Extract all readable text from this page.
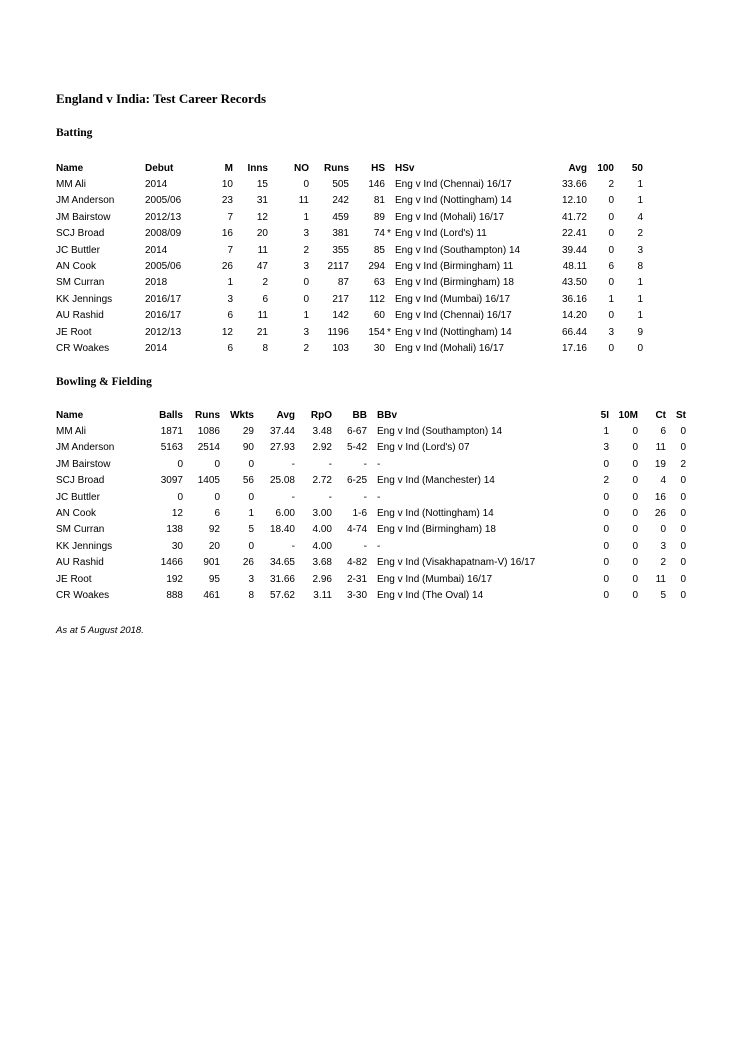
England v India: Test Career Records
Batting
Name	Debut	M	Inns	NO	Runs	HS		HSv	Avg	100	50
MM Ali	2014	10	15	0	505	146		Eng v Ind (Chennai) 16/17	33.66	2	1
JM Anderson	2005/06	23	31	11	242	81		Eng v Ind (Nottingham) 14	12.10	0	1
JM Bairstow	2012/13	7	12	1	459	89		Eng v Ind (Mohali) 16/17	41.72	0	4
SCJ Broad	2008/09	16	20	3	381	74	*	Eng v Ind (Lord's) 11	22.41	0	2
JC Buttler	2014	7	11	2	355	85		Eng v Ind (Southampton) 14	39.44	0	3
AN Cook	2005/06	26	47	3	2117	294		Eng v Ind (Birmingham) 11	48.11	6	8
SM Curran	2018	1	2	0	87	63		Eng v Ind (Birmingham) 18	43.50	0	1
KK Jennings	2016/17	3	6	0	217	112		Eng v Ind (Mumbai) 16/17	36.16	1	1
AU Rashid	2016/17	6	11	1	142	60		Eng v Ind (Chennai) 16/17	14.20	0	1
JE Root	2012/13	12	21	3	1196	154	*	Eng v Ind (Nottingham) 14	66.44	3	9
CR Woakes	2014	6	8	2	103	30		Eng v Ind (Mohali) 16/17	17.16	0	0
Bowling & Fielding
Name	Balls	Runs	Wkts	Avg	RpO	BB	BBv	5I	10M	Ct	St
MM Ali	1871	1086	29	37.44	3.48	6-67	Eng v Ind (Southampton) 14	1	0	6	0
JM Anderson	5163	2514	90	27.93	2.92	5-42	Eng v Ind (Lord's) 07	3	0	11	0
JM Bairstow	0	0	0	-	-	-	-	0	0	19	2
SCJ Broad	3097	1405	56	25.08	2.72	6-25	Eng v Ind (Manchester) 14	2	0	4	0
JC Buttler	0	0	0	-	-	-	-	0	0	16	0
AN Cook	12	6	1	6.00	3.00	1-6	Eng v Ind (Nottingham) 14	0	0	26	0
SM Curran	138	92	5	18.40	4.00	4-74	Eng v Ind (Birmingham) 18	0	0	0	0
KK Jennings	30	20	0	-	4.00	-	-	0	0	3	0
AU Rashid	1466	901	26	34.65	3.68	4-82	Eng v Ind (Visakhapatnam-V) 16/17	0	0	2	0
JE Root	192	95	3	31.66	2.96	2-31	Eng v Ind (Mumbai) 16/17	0	0	11	0
CR Woakes	888	461	8	57.62	3.11	3-30	Eng v Ind (The Oval) 14	0	0	5	0

As at 5 August 2018.
